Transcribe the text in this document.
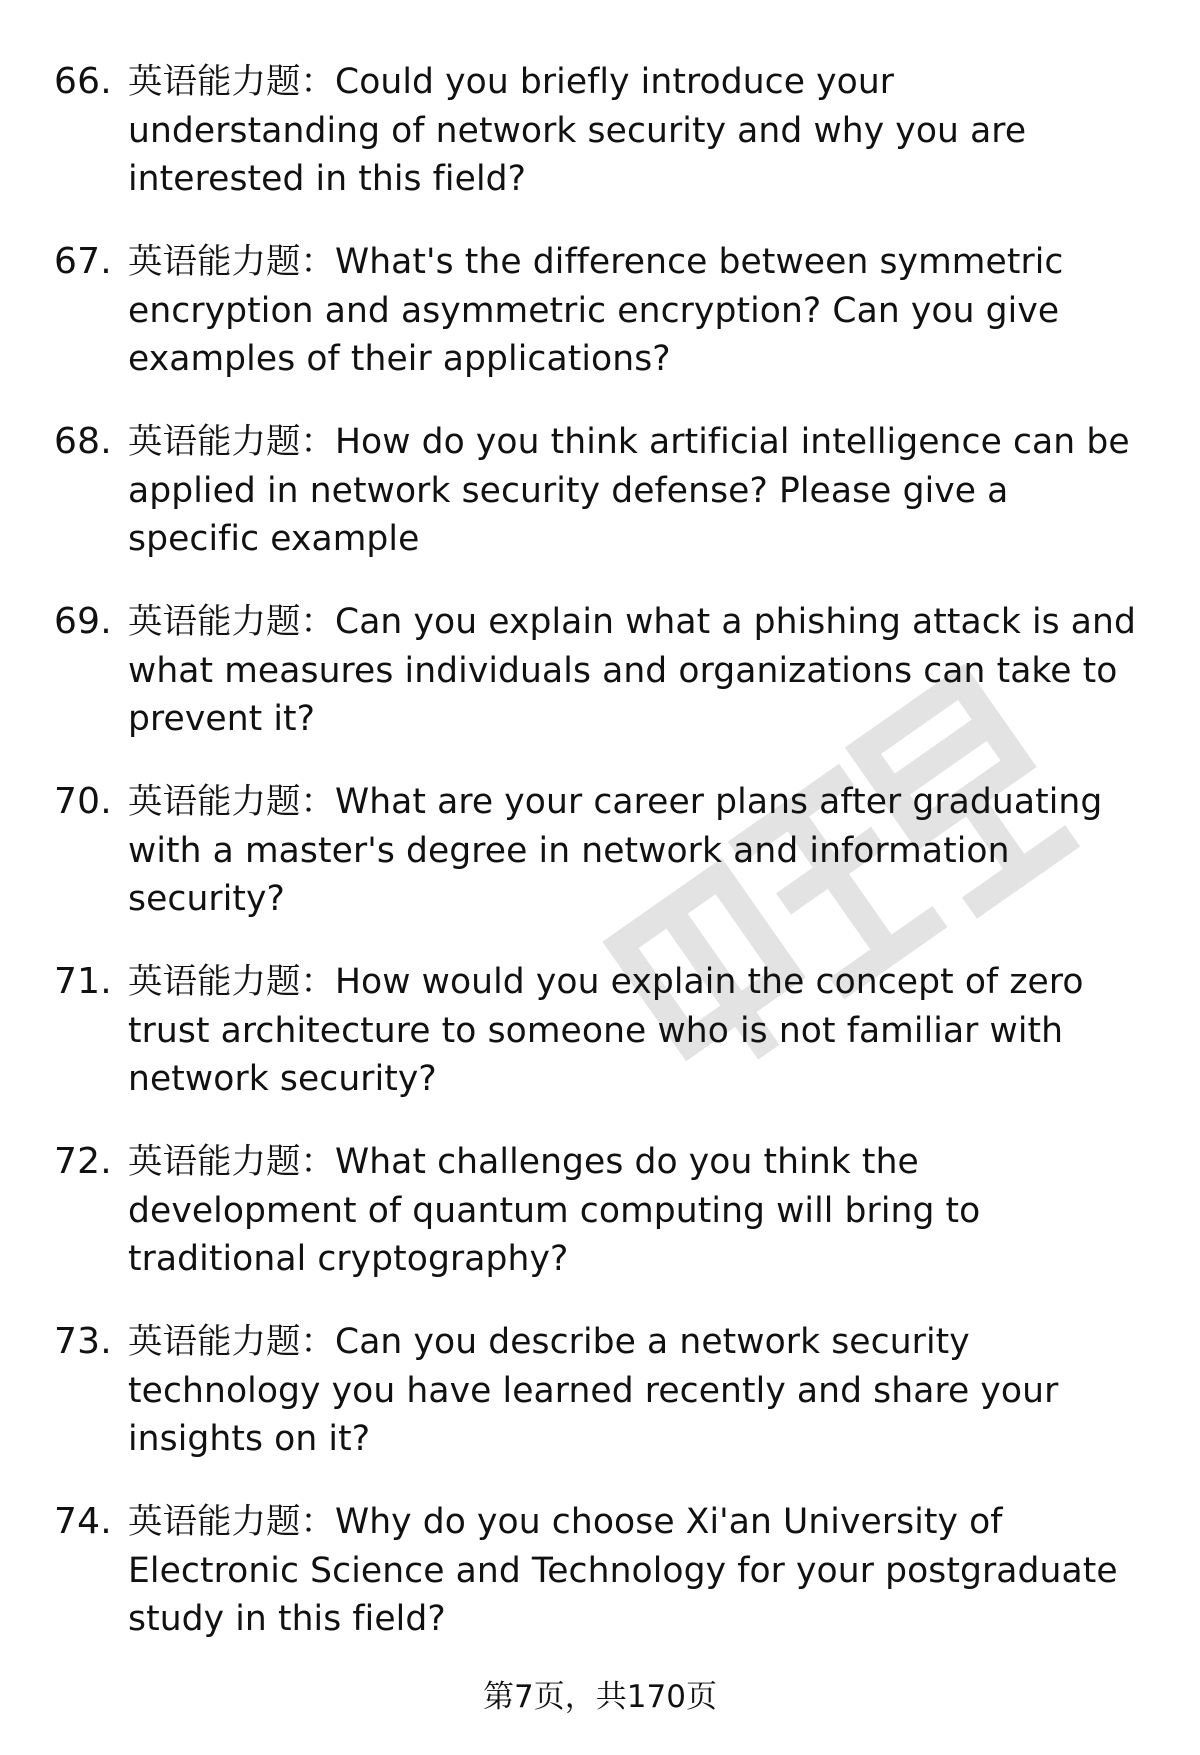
66. 英语能力题：Could you briefly introduce your understanding of network security and why you are interested in this field?

67. 英语能力题：What's the difference between symmetric encryption and asymmetric encryption? Can you give examples of their applications?

68. 英语能力题：How do you think artificial intelligence can be applied in network security defense? Please give a specific example

69. 英语能力题：Can you explain what a phishing attack is and what measures individuals and organizations can take to prevent it?

70. 英语能力题：What are your career plans after graduating with a master's degree in network and information security?

71. 英语能力题：How would you explain the concept of zero trust architecture to someone who is not familiar with network security?

72. 英语能力题：What challenges do you think the development of quantum computing will bring to traditional cryptography?

73. 英语能力题：Can you describe a network security technology you have learned recently and share your insights on it?

74. 英语能力题：Why do you choose Xi'an University of Electronic Science and Technology for your postgraduate study in this field?

第7页，共170页
